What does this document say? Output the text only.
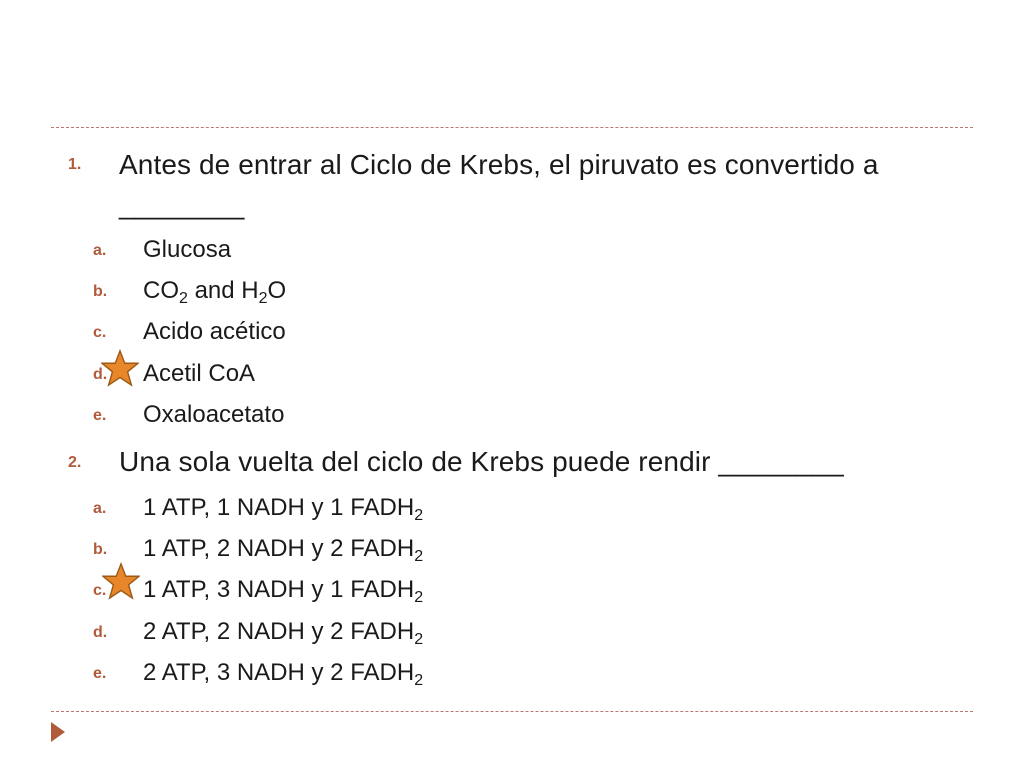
1. Antes de entrar al Ciclo de Krebs, el piruvato es convertido a ________
a. Glucosa
b. $CO_2$ and $H_2O$
c. Acido acético
d. Acetil CoA
e. Oxaloacetato
2. Una sola vuelta del ciclo de Krebs puede rendir ________
a. 1 ATP, 1 NADH y 1 $FADH_2$
b. 1 ATP, 2 NADH y 2 $FADH_2$
c. 1 ATP, 3 NADH y 1 $FADH_2$
d. 2 ATP, 2 NADH y 2 $FADH_2$
e. 2 ATP, 3 NADH y 2 $FADH_2$
